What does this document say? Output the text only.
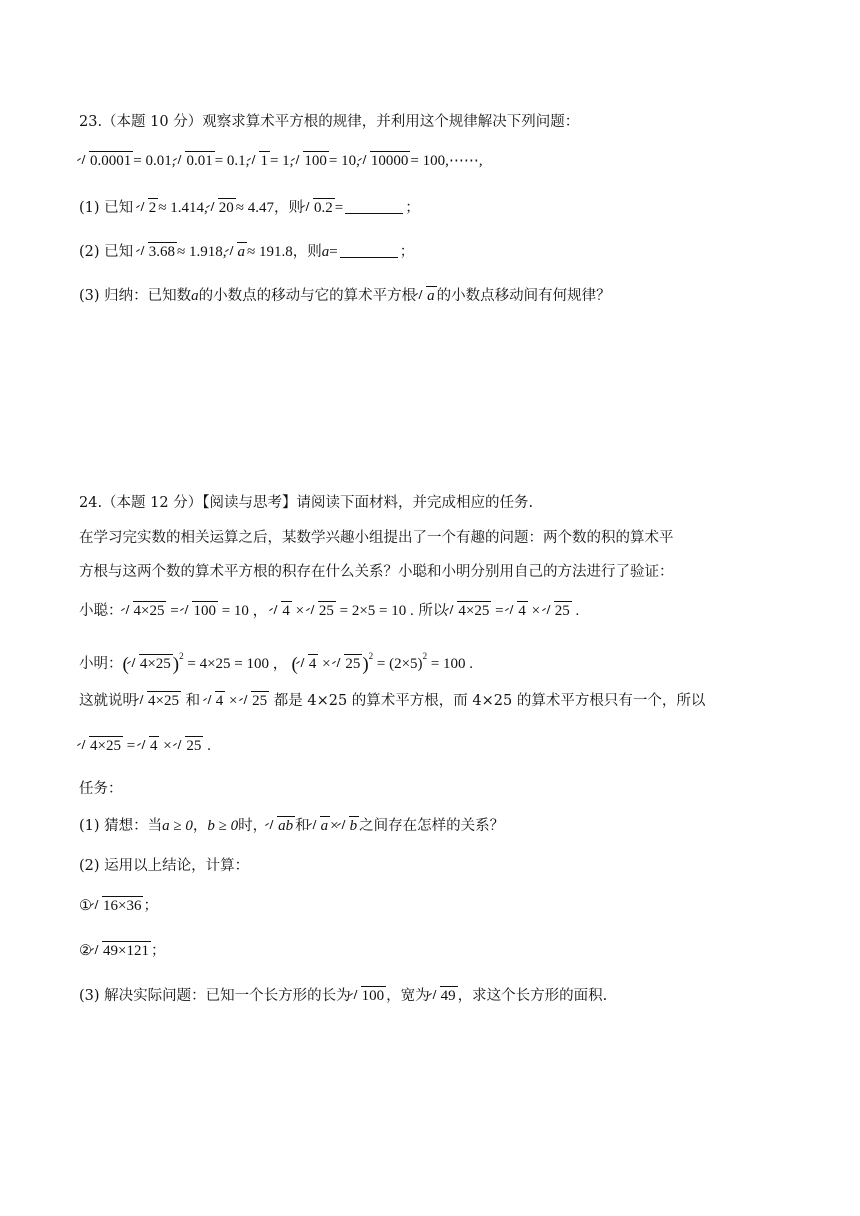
23.（本题 10 分）观察求算术平方根的规律，并利用这个规律解决下列问题：
0.0001 = 0.01, 0.01 = 0.1, 1 = 1, 100 = 10, 10000 = 100,⋯⋯,
(1) 已知 2 ≈ 1.414, 20 ≈ 4.47，则 0.2 =	；
(2) 已知 3.68 ≈ 1.918, a ≈ 191.8，则a=	；
(3) 归纳：已知数a的小数点的移动与它的算术平方根 a 的小数点移动间有何规律？
24.（本题 12 分）【阅读与思考】请阅读下面材料，并完成相应的任务.
在学习完实数的相关运算之后，某数学兴趣小组提出了一个有趣的问题：两个数的积的算术平
方根与这两个数的算术平方根的积存在什么关系？小聪和小明分别用自己的方法进行了验证：
小聪： 4×25 = 100 = 10 ， 4 × 25 = 2×5 = 10 . 所以 4×25 = 4 × 25 .
小明：( 4×25 )$^2$ = 4×25 = 100 ， ( 4 × 25 )$^2 = (2\times 5)^2 = 100$ .
这就说明 4×25 和 4 × 25 都是 4×25 的算术平方根，而 4×25 的算术平方根只有一个，所以
4×25 = 4 × 25 .
任务：
(1) 猜想：当a ≥ 0，b ≥ 0时， ab 和 a × b 之间存在怎样的关系？
(2) 运用以上结论，计算：
① 16×36 ；
② 49×121 ；
(3) 解决实际问题：已知一个长方形的长为 100 ，宽为 49 ，求这个长方形的面积.
